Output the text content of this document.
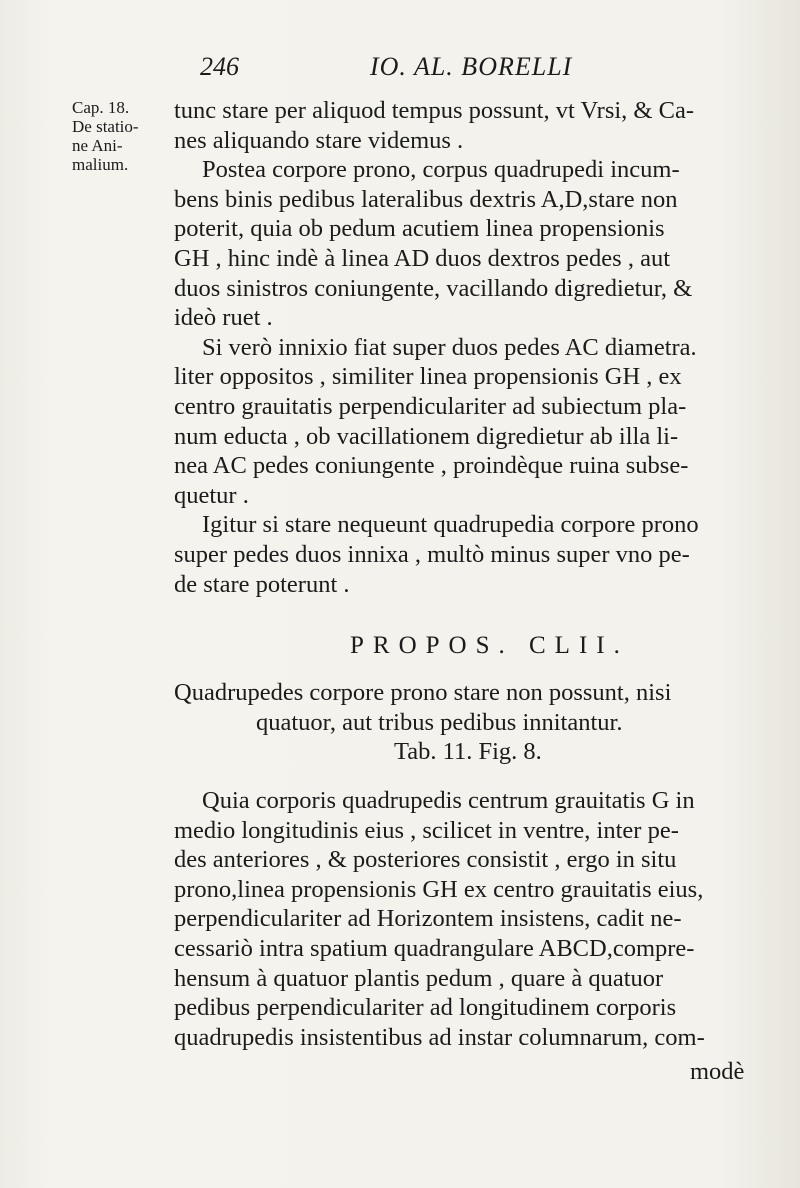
246	IO. AL. BORELLI
Cap. 18.
De statio-
ne Ani-
malium.
tunc stare per aliquod tempus possunt, vt Vrsi, & Ca-
nes aliquando stare videmus .
Postea corpore prono, corpus quadrupedi incum-
bens binis pedibus lateralibus dextris A,D,stare non
poterit, quia ob pedum acutiem linea propensionis
GH , hinc indè à linea AD duos dextros pedes , aut
duos sinistros coniungente, vacillando digredietur, &
ideò ruet .
Si verò innixio fiat super duos pedes AC diametra.
liter oppositos , similiter linea propensionis GH , ex
centro grauitatis perpendiculariter ad subiectum pla-
num educta , ob vacillationem digredietur ab illa li-
nea AC pedes coniungente , proindèque ruina subse-
quetur .
Igitur si stare nequeunt quadrupedia corpore prono
super pedes duos innixa , multò minus super vno pe-
de stare poterunt .
PROPOS. CLII.
Quadrupedes corpore prono stare non possunt, nisi
quatuor, aut tribus pedibus innitantur.
Tab. 11. Fig. 8.
Quia corporis quadrupedis centrum grauitatis G in
medio longitudinis eius , scilicet in ventre, inter pe-
des anteriores , & posteriores consistit , ergo in situ
prono,linea propensionis GH ex centro grauitatis eius,
perpendiculariter ad Horizontem insistens, cadit ne-
cessariò intra spatium quadrangulare ABCD,compre-
hensum à quatuor plantis pedum , quare à quatuor
pedibus perpendiculariter ad longitudinem corporis
quadrupedis insistentibus ad instar columnarum, com-
modè
